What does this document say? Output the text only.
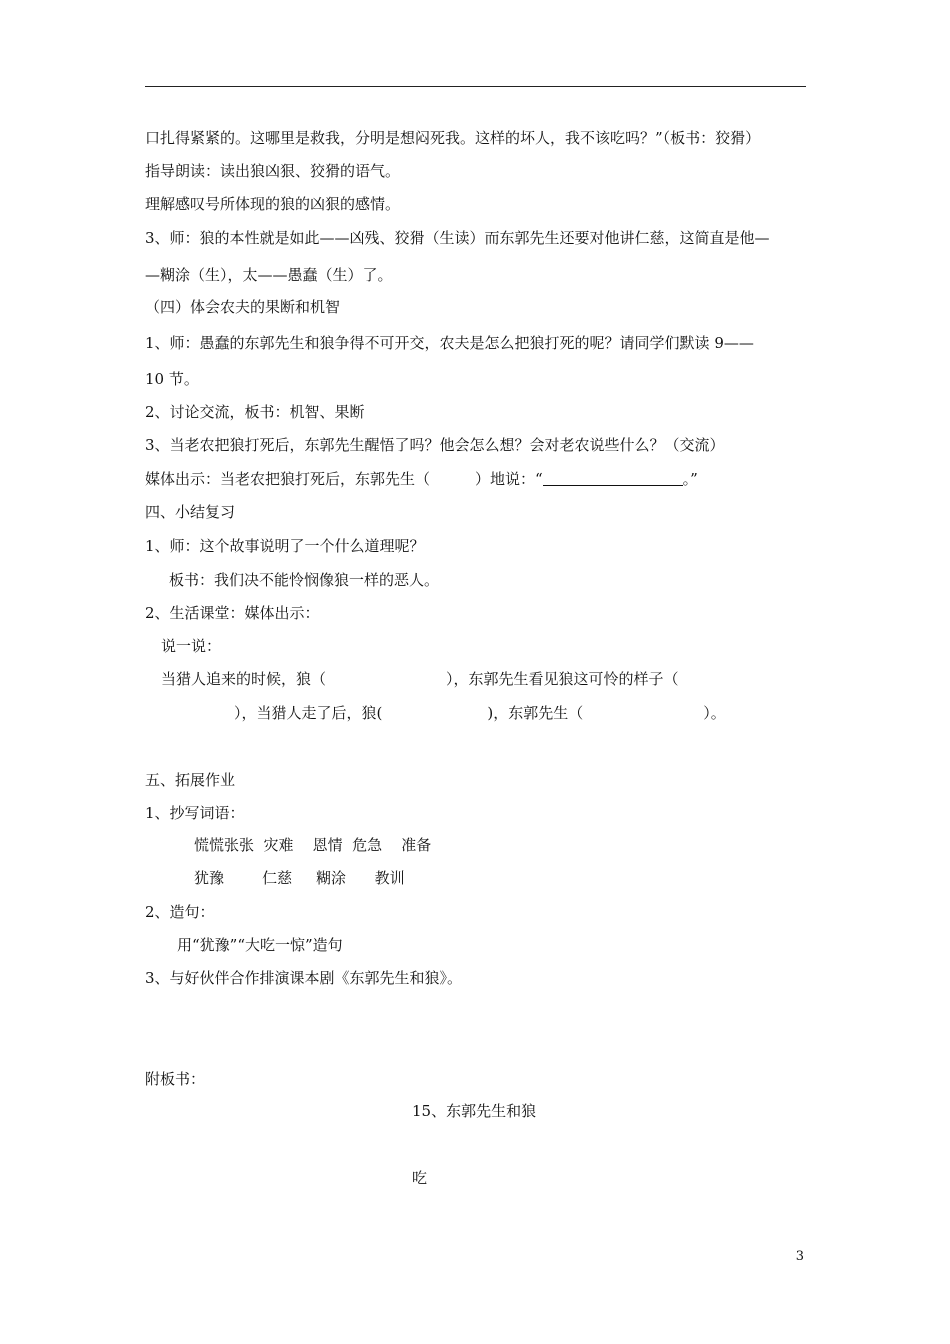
口扎得紧紧的。这哪里是救我，分明是想闷死我。这样的坏人，我不该吃吗？”（板书：狡猾）
指导朗读：读出狼凶狠、狡猾的语气。
理解感叹号所体现的狼的凶狠的感情。
3、师：狼的本性就是如此——凶残、狡猾（生读）而东郭先生还要对他讲仁慈，这简直是他—
—糊涂（生），太——愚蠢（生）了。
（四）体会农夫的果断和机智
1、师：愚蠢的东郭先生和狼争得不可开交，农夫是怎么把狼打死的呢？请同学们默读 9——
10 节。
2、讨论交流，板书：机智、果断
3、当老农把狼打死后，东郭先生醒悟了吗？他会怎么想？会对老农说些什么？（交流）
媒体出示：当老农把狼打死后，东郭先生（　　　）地说：“	。”
四、小结复习
1、师：这个故事说明了一个什么道理呢？
板书：我们决不能怜悯像狼一样的恶人。
2、生活课堂：媒体出示：
说一说：
当猎人追来的时候，狼（　　　　　　　　），东郭先生看见狼这可怜的样子（
），当猎人走了后，狼(　　　　　　　)，东郭先生（　　　　　　　　）。
五、拓展作业
1、抄写词语：
慌慌张张  灾难    恩情  危急    准备
犹豫        仁慈     糊涂      教训
2、造句：
用“犹豫”“大吃一惊”造句
3、与好伙伴合作排演课本剧《东郭先生和狼》。
附板书：
15、东郭先生和狼
吃
3
